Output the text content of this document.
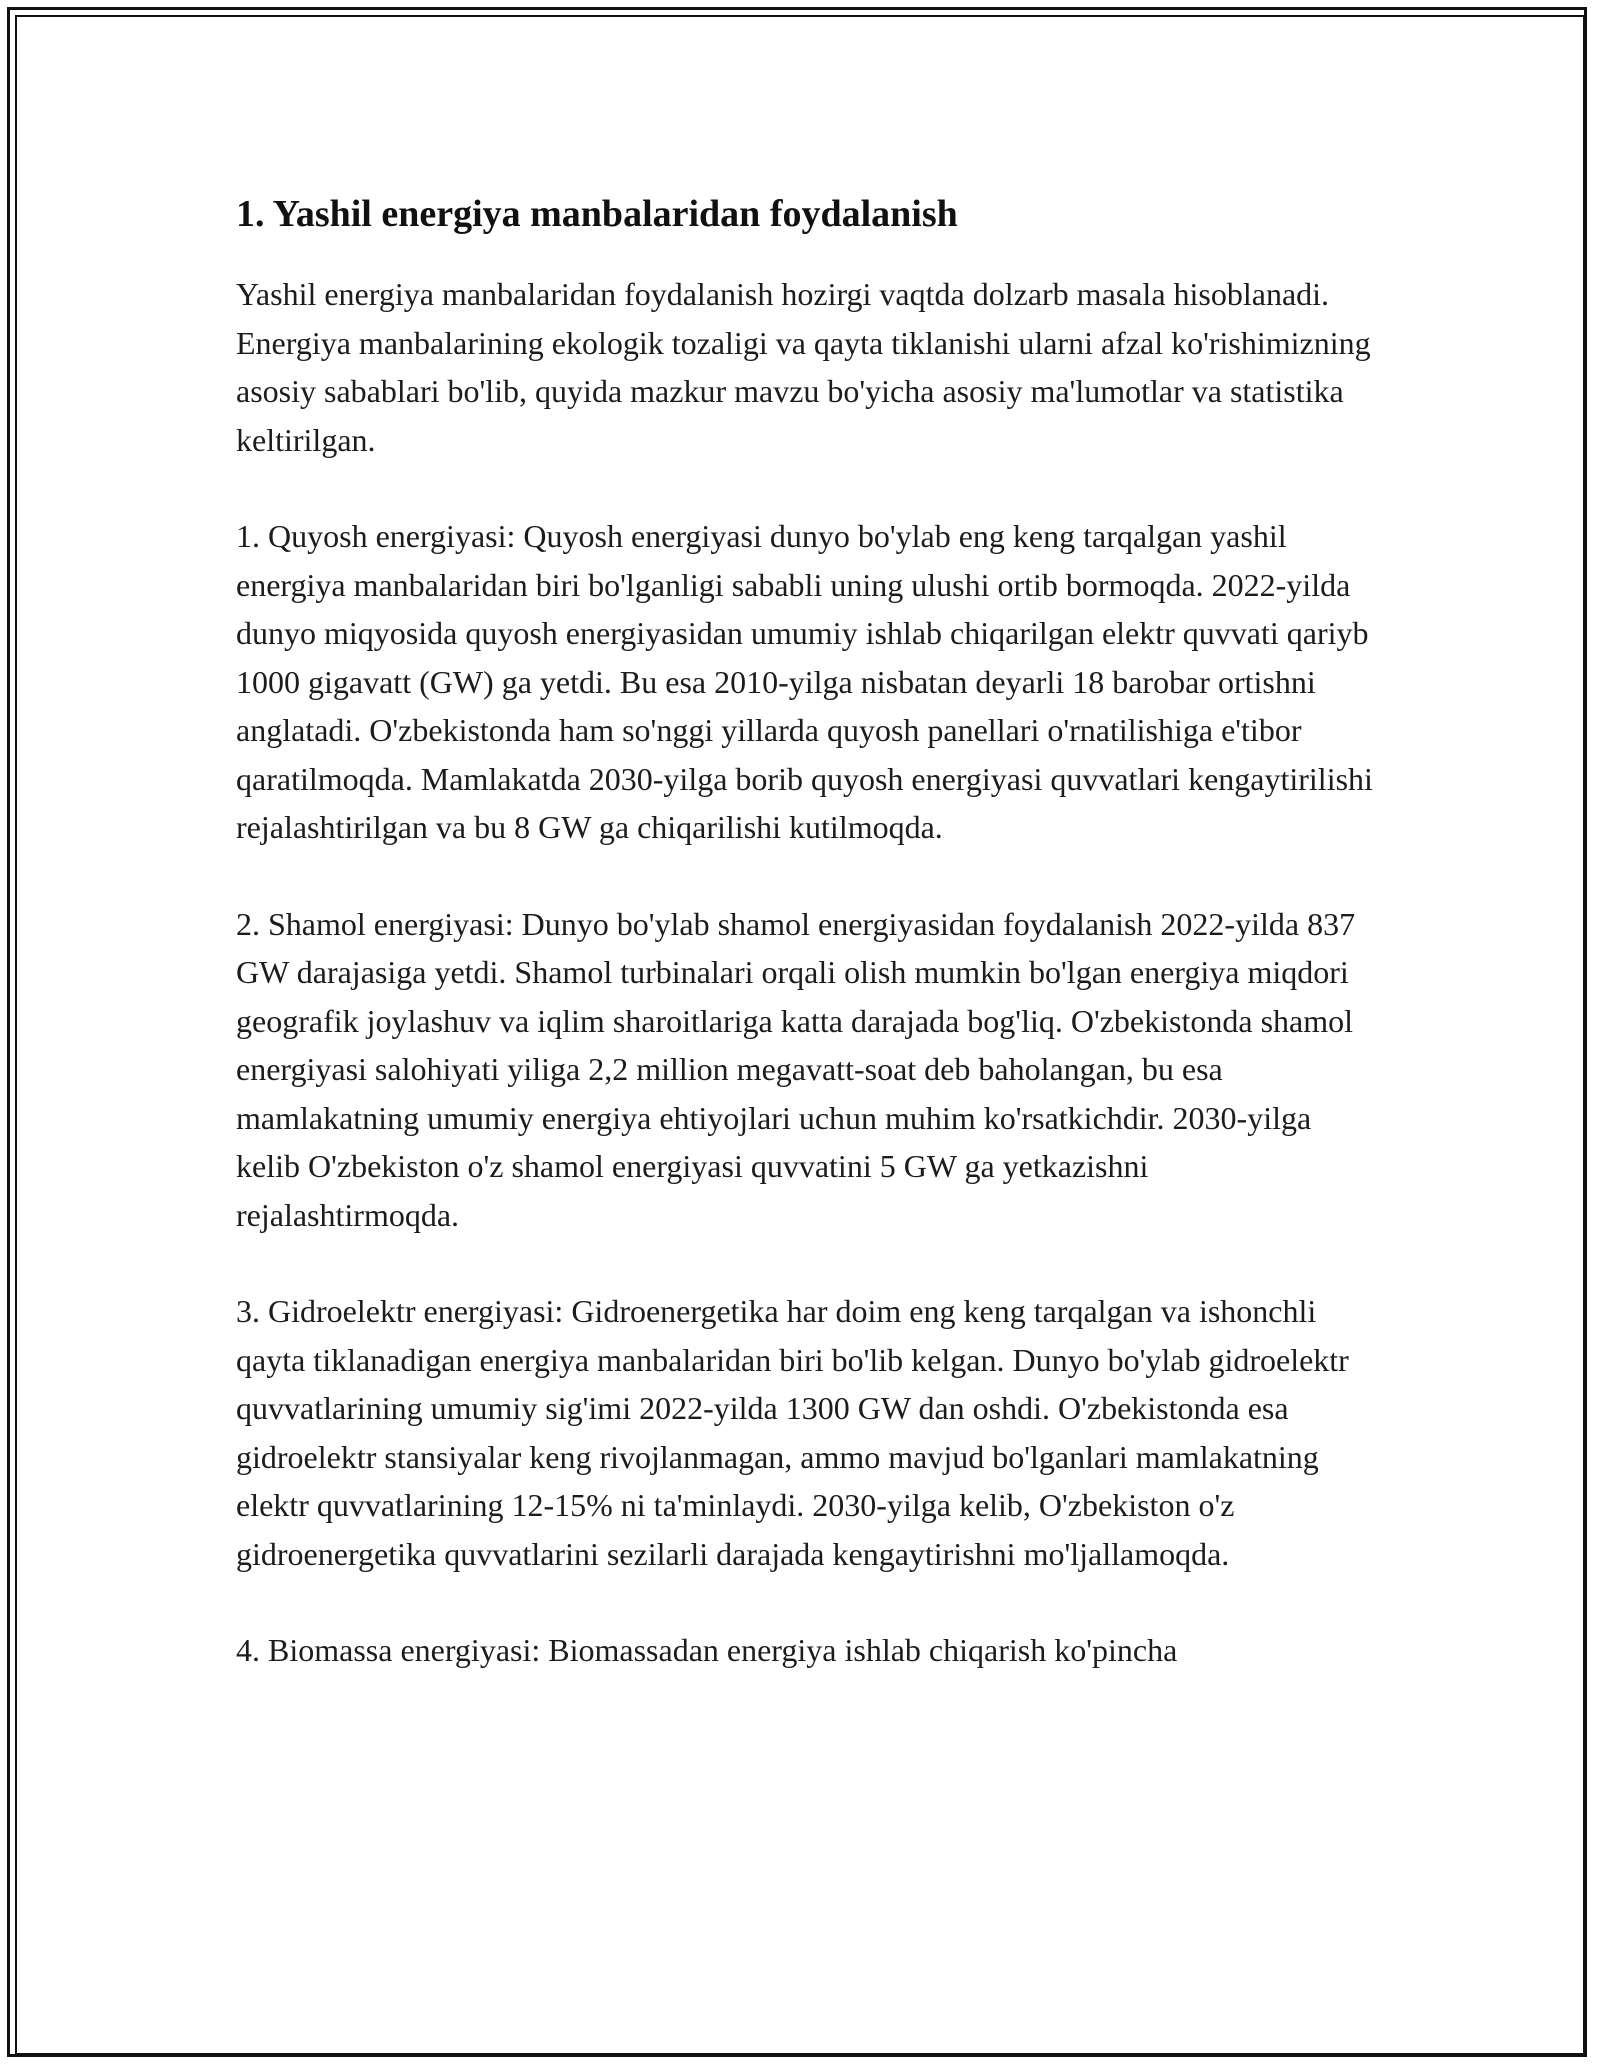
1. Yashil energiya manbalaridan foydalanish

Yashil energiya manbalaridan foydalanish hozirgi vaqtda dolzarb masala hisoblanadi. Energiya manbalarining ekologik tozaligi va qayta tiklanishi ularni afzal ko'rishimizning asosiy sabablari bo'lib, quyida mazkur mavzu bo'yicha asosiy ma'lumotlar va statistika keltirilgan.

1. Quyosh energiyasi: Quyosh energiyasi dunyo bo'ylab eng keng tarqalgan yashil energiya manbalaridan biri bo'lganligi sababli uning ulushi ortib bormoqda. 2022-yilda dunyo miqyosida quyosh energiyasidan umumiy ishlab chiqarilgan elektr quvvati qariyb 1000 gigavatt (GW) ga yetdi. Bu esa 2010-yilga nisbatan deyarli 18 barobar ortishni anglatadi. O'zbekistonda ham so'nggi yillarda quyosh panellari o'rnatilishiga e'tibor qaratilmoqda. Mamlakatda 2030-yilga borib quyosh energiyasi quvvatlari kengaytirilishi rejalashtirilgan va bu 8 GW ga chiqarilishi kutilmoqda.

2. Shamol energiyasi: Dunyo bo'ylab shamol energiyasidan foydalanish 2022-yilda 837 GW darajasiga yetdi. Shamol turbinalari orqali olish mumkin bo'lgan energiya miqdori geografik joylashuv va iqlim sharoitlariga katta darajada bog'liq. O'zbekistonda shamol energiyasi salohiyati yiliga 2,2 million megavatt-soat deb baholangan, bu esa mamlakatning umumiy energiya ehtiyojlari uchun muhim ko'rsatkichdir. 2030-yilga kelib O'zbekiston o'z shamol energiyasi quvvatini 5 GW ga yetkazishni rejalashtirmoqda.

3. Gidroelektr energiyasi: Gidroenergetika har doim eng keng tarqalgan va ishonchli qayta tiklanadigan energiya manbalaridan biri bo'lib kelgan. Dunyo bo'ylab gidroelektr quvvatlarining umumiy sig'imi 2022-yilda 1300 GW dan oshdi. O'zbekistonda esa gidroelektr stansiyalar keng rivojlanmagan, ammo mavjud bo'lganlari mamlakatning elektr quvvatlarining 12-15% ni ta'minlaydi. 2030-yilga kelib, O'zbekiston o'z gidroenergetika quvvatlarini sezilarli darajada kengaytirishni mo'ljallamoqda.

4. Biomassa energiyasi: Biomassadan energiya ishlab chiqarish ko'pincha
